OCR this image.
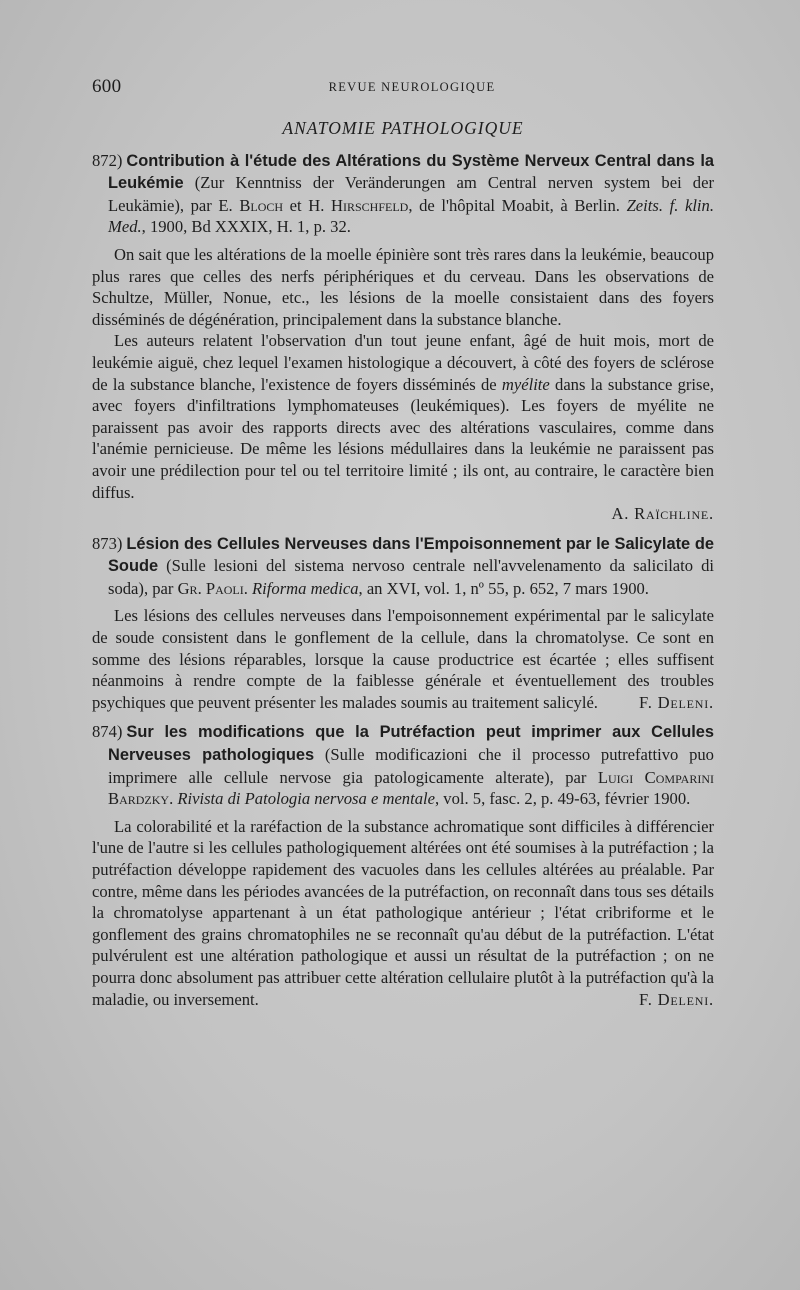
600	REVUE NEUROLOGIQUE
ANATOMIE PATHOLOGIQUE

872) Contribution à l'étude des Altérations du Système Nerveux Central dans la Leukémie (Zur Kenntniss der Veränderungen am Central nerven system bei der Leukämie), par E. Bloch et H. Hirschfeld, de l'hôpital Moabit, à Berlin. Zeits. f. klin. Med., 1900, Bd XXXIX, H. 1, p. 32.

On sait que les altérations de la moelle épinière sont très rares dans la leukémie, beaucoup plus rares que celles des nerfs périphériques et du cerveau. Dans les observations de Schultze, Müller, Nonue, etc., les lésions de la moelle consistaient dans des foyers disséminés de dégénération, principalement dans la substance blanche.

Les auteurs relatent l'observation d'un tout jeune enfant, âgé de huit mois, mort de leukémie aiguë, chez lequel l'examen histologique a découvert, à côté des foyers de sclérose de la substance blanche, l'existence de foyers disséminés de myélite dans la substance grise, avec foyers d'infiltrations lymphomateuses (leukémiques). Les foyers de myélite ne paraissent pas avoir des rapports directs avec des altérations vasculaires, comme dans l'anémie pernicieuse. De même les lésions médullaires dans la leukémie ne paraissent pas avoir une prédilection pour tel ou tel territoire limité ; ils ont, au contraire, le caractère bien diffus.

A. Raïchline.

873) Lésion des Cellules Nerveuses dans l'Empoisonnement par le Salicylate de Soude (Sulle lesioni del sistema nervoso centrale nell'avvelenamento da salicilato di soda), par Gr. Paoli. Riforma medica, an XVI, vol. 1, nº 55, p. 652, 7 mars 1900.

Les lésions des cellules nerveuses dans l'empoisonnement expérimental par le salicylate de soude consistent dans le gonflement de la cellule, dans la chromatolyse. Ce sont en somme des lésions réparables, lorsque la cause productrice est écartée ; elles suffisent néanmoins à rendre compte de la faiblesse générale et éventuellement des troubles psychiques que peuvent présenter les malades soumis au traitement salicylé.	F. Deleni.

874) Sur les modifications que la Putréfaction peut imprimer aux Cellules Nerveuses pathologiques (Sulle modificazioni che il processo putrefattivo puo imprimere alle cellule nervose gia patologicamente alterate), par Luigi Comparini Bardzky. Rivista di Patologia nervosa e mentale, vol. 5, fasc. 2, p. 49-63, février 1900.

La colorabilité et la raréfaction de la substance achromatique sont difficiles à différencier l'une de l'autre si les cellules pathologiquement altérées ont été soumises à la putréfaction ; la putréfaction développe rapidement des vacuoles dans les cellules altérées au préalable. Par contre, même dans les périodes avancées de la putréfaction, on reconnaît dans tous ses détails la chromatolyse appartenant à un état pathologique antérieur ; l'état cribriforme et le gonflement des grains chromatophiles ne se reconnaît qu'au début de la putréfaction. L'état pulvérulent est une altération pathologique et aussi un résultat de la putréfaction ; on ne pourra donc absolument pas attribuer cette altération cellulaire plutôt à la putréfaction qu'à la maladie, ou inversement.	F. Deleni.
